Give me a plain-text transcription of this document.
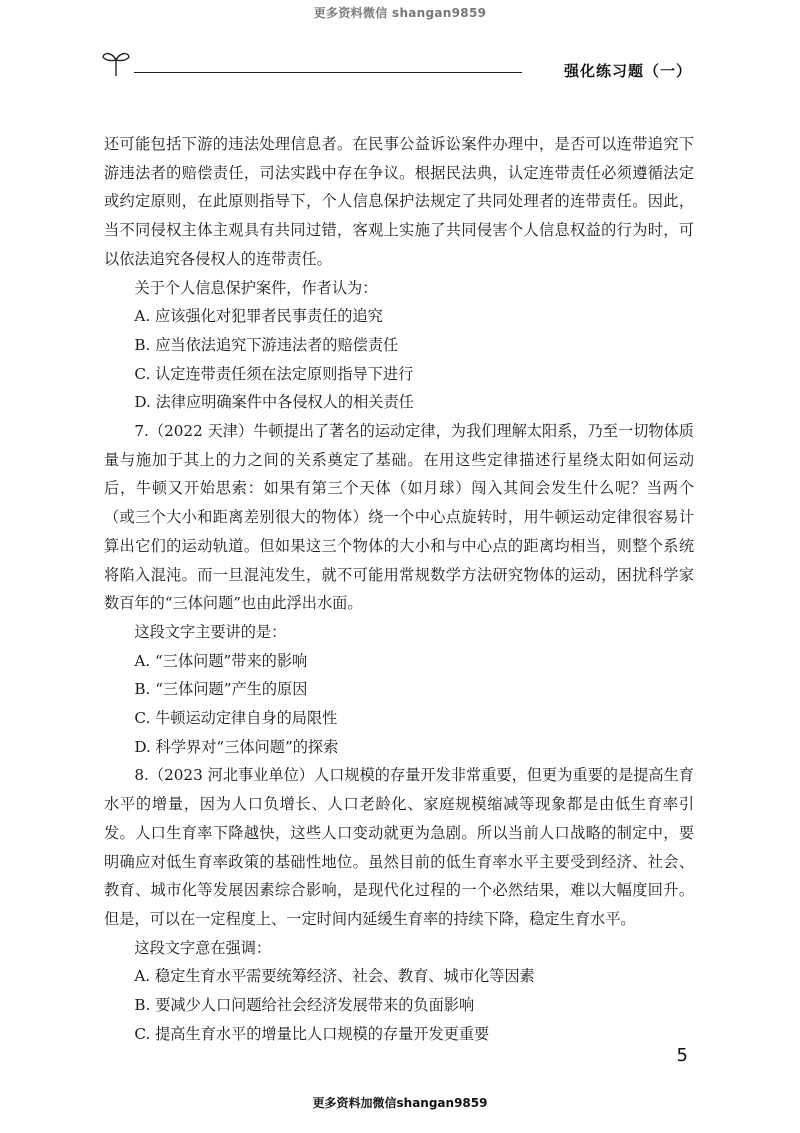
更多资料微信 shangan9859
强化练习题（一）

还可能包括下游的违法处理信息者。在民事公益诉讼案件办理中，是否可以连带追究下游违法者的赔偿责任，司法实践中存在争议。根据民法典，认定连带责任必须遵循法定或约定原则，在此原则指导下，个人信息保护法规定了共同处理者的连带责任。因此，当不同侵权主体主观具有共同过错，客观上实施了共同侵害个人信息权益的行为时，可以依法追究各侵权人的连带责任。

关于个人信息保护案件，作者认为：

A. 应该强化对犯罪者民事责任的追究

B. 应当依法追究下游违法者的赔偿责任

C. 认定连带责任须在法定原则指导下进行

D. 法律应明确案件中各侵权人的相关责任

7.（2022 天津）牛顿提出了著名的运动定律，为我们理解太阳系，乃至一切物体质量与施加于其上的力之间的关系奠定了基础。在用这些定律描述行星绕太阳如何运动后，牛顿又开始思索：如果有第三个天体（如月球）闯入其间会发生什么呢？当两个（或三个大小和距离差别很大的物体）绕一个中心点旋转时，用牛顿运动定律很容易计算出它们的运动轨道。但如果这三个物体的大小和与中心点的距离均相当，则整个系统将陷入混沌。而一旦混沌发生，就不可能用常规数学方法研究物体的运动，困扰科学家数百年的“三体问题”也由此浮出水面。

这段文字主要讲的是：

A. “三体问题”带来的影响

B. “三体问题”产生的原因

C. 牛顿运动定律自身的局限性

D. 科学界对“三体问题”的探索

8.（2023 河北事业单位）人口规模的存量开发非常重要，但更为重要的是提高生育水平的增量，因为人口负增长、人口老龄化、家庭规模缩减等现象都是由低生育率引发。人口生育率下降越快，这些人口变动就更为急剧。所以当前人口战略的制定中，要明确应对低生育率政策的基础性地位。虽然目前的低生育率水平主要受到经济、社会、教育、城市化等发展因素综合影响，是现代化过程的一个必然结果，难以大幅度回升。但是，可以在一定程度上、一定时间内延缓生育率的持续下降，稳定生育水平。

这段文字意在强调：

A. 稳定生育水平需要统筹经济、社会、教育、城市化等因素

B. 要减少人口问题给社会经济发展带来的负面影响

C. 提高生育水平的增量比人口规模的存量开发更重要

5
更多资料加微信shangan9859
